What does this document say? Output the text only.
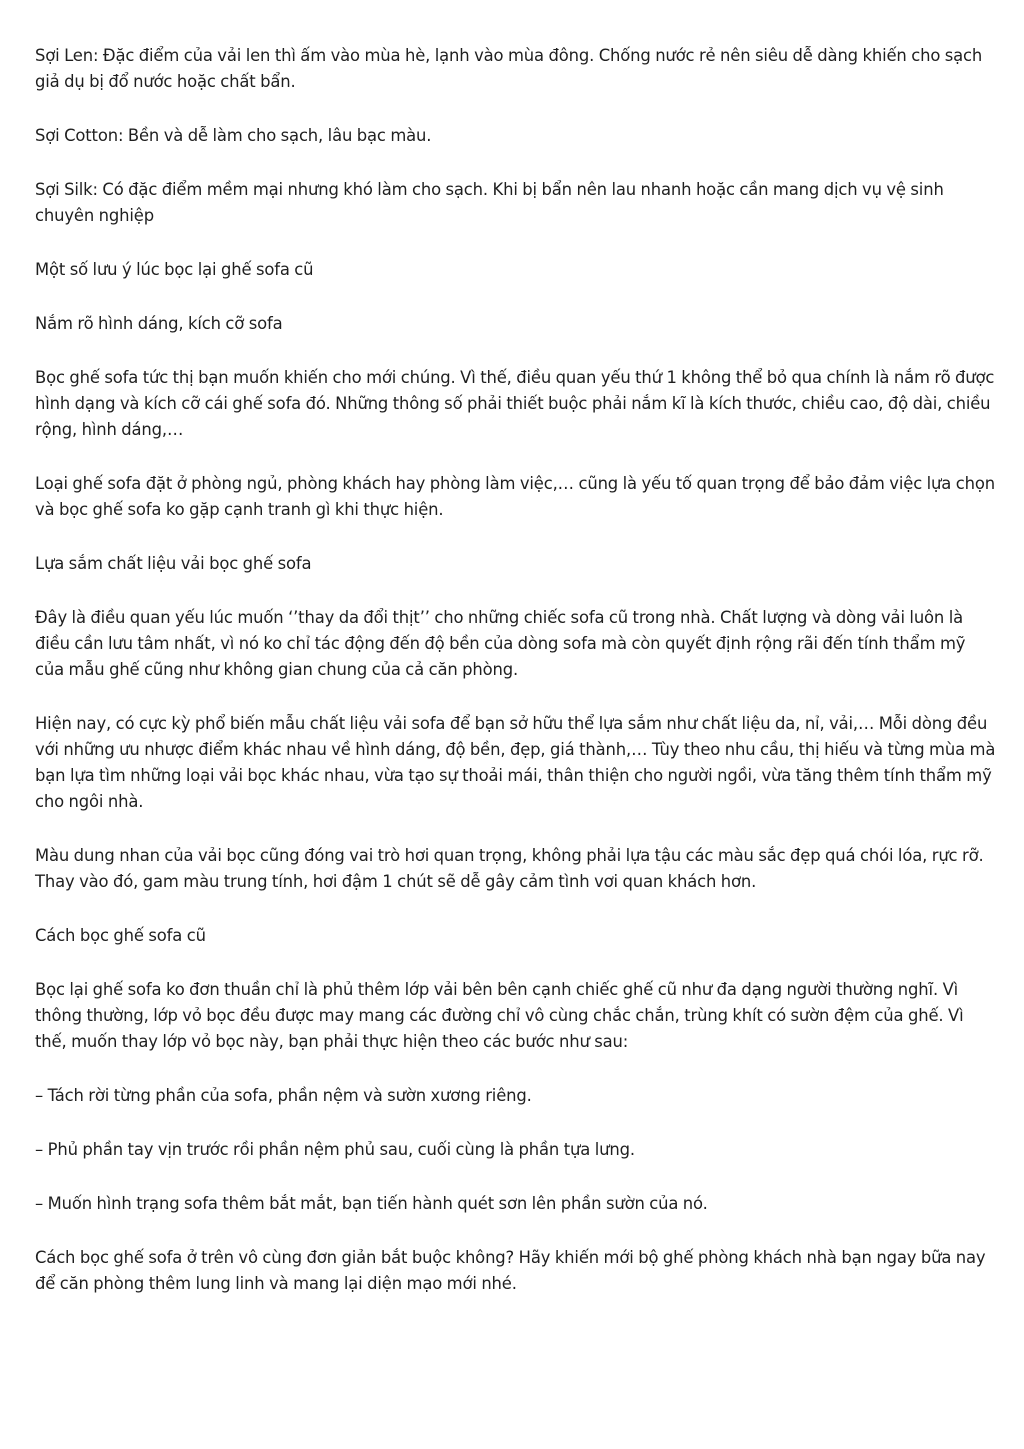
Sợi Len: Đặc điểm của vải len thì ấm vào mùa hè, lạnh vào mùa đông. Chống nước rẻ nên siêu dễ dàng khiến cho sạch giả dụ bị đổ nước hoặc chất bẩn.

Sợi Cotton: Bền và dễ làm cho sạch, lâu bạc màu.

Sợi Silk: Có đặc điểm mềm mại nhưng khó làm cho sạch. Khi bị bẩn nên lau nhanh hoặc cần mang dịch vụ vệ sinh chuyên nghiệp

Một số lưu ý lúc bọc lại ghế sofa cũ

Nắm rõ hình dáng, kích cỡ sofa

Bọc ghế sofa tức thị bạn muốn khiến cho mới chúng. Vì thế, điều quan yếu thứ 1 không thể bỏ qua chính là nắm rõ được hình dạng và kích cỡ cái ghế sofa đó. Những thông số phải thiết buộc phải nắm kĩ là kích thước, chiều cao, độ dài, chiều rộng, hình dáng,…

Loại ghế sofa đặt ở phòng ngủ, phòng khách hay phòng làm việc,… cũng là yếu tố quan trọng để bảo đảm việc lựa chọn và bọc ghế sofa ko gặp cạnh tranh gì khi thực hiện.

Lựa sắm chất liệu vải bọc ghế sofa

Đây là điều quan yếu lúc muốn ‘’thay da đổi thịt’’ cho những chiếc sofa cũ trong nhà. Chất lượng và dòng vải luôn là điều cần lưu tâm nhất, vì nó ko chỉ tác động đến độ bền của dòng sofa mà còn quyết định rộng rãi đến tính thẩm mỹ của mẫu ghế cũng như không gian chung của cả căn phòng.

Hiện nay, có cực kỳ phổ biến mẫu chất liệu vải sofa để bạn sở hữu thể lựa sắm như chất liệu da, nỉ, vải,… Mỗi dòng đều với những ưu nhược điểm khác nhau về hình dáng, độ bền, đẹp, giá thành,… Tùy theo nhu cầu, thị hiếu và từng mùa mà bạn lựa tìm những loại vải bọc khác nhau, vừa tạo sự thoải mái, thân thiện cho người ngồi, vừa tăng thêm tính thẩm mỹ cho ngôi nhà.

Màu dung nhan của vải bọc cũng đóng vai trò hơi quan trọng, không phải lựa tậu các màu sắc đẹp quá chói lóa, rực rỡ. Thay vào đó, gam màu trung tính, hơi đậm 1 chút sẽ dễ gây cảm tình vơi quan khách hơn.

Cách bọc ghế sofa cũ

Bọc lại ghế sofa ko đơn thuần chỉ là phủ thêm lớp vải bên bên cạnh chiếc ghế cũ như đa dạng người thường nghĩ. Vì thông thường, lớp vỏ bọc đều được may mang các đường chỉ vô cùng chắc chắn, trùng khít có sườn đệm của ghế. Vì thế, muốn thay lớp vỏ bọc này, bạn phải thực hiện theo các bước như sau:

– Tách rời từng phần của sofa, phần nệm và sườn xương riêng.

– Phủ phần tay vịn trước rồi phần nệm phủ sau, cuối cùng là phần tựa lưng.

– Muốn hình trạng sofa thêm bắt mắt, bạn tiến hành quét sơn lên phần sườn của nó.

Cách bọc ghế sofa ở trên vô cùng đơn giản bắt buộc không? Hãy khiến mới bộ ghế phòng khách nhà bạn ngay bữa nay để căn phòng thêm lung linh và mang lại diện mạo mới nhé.
